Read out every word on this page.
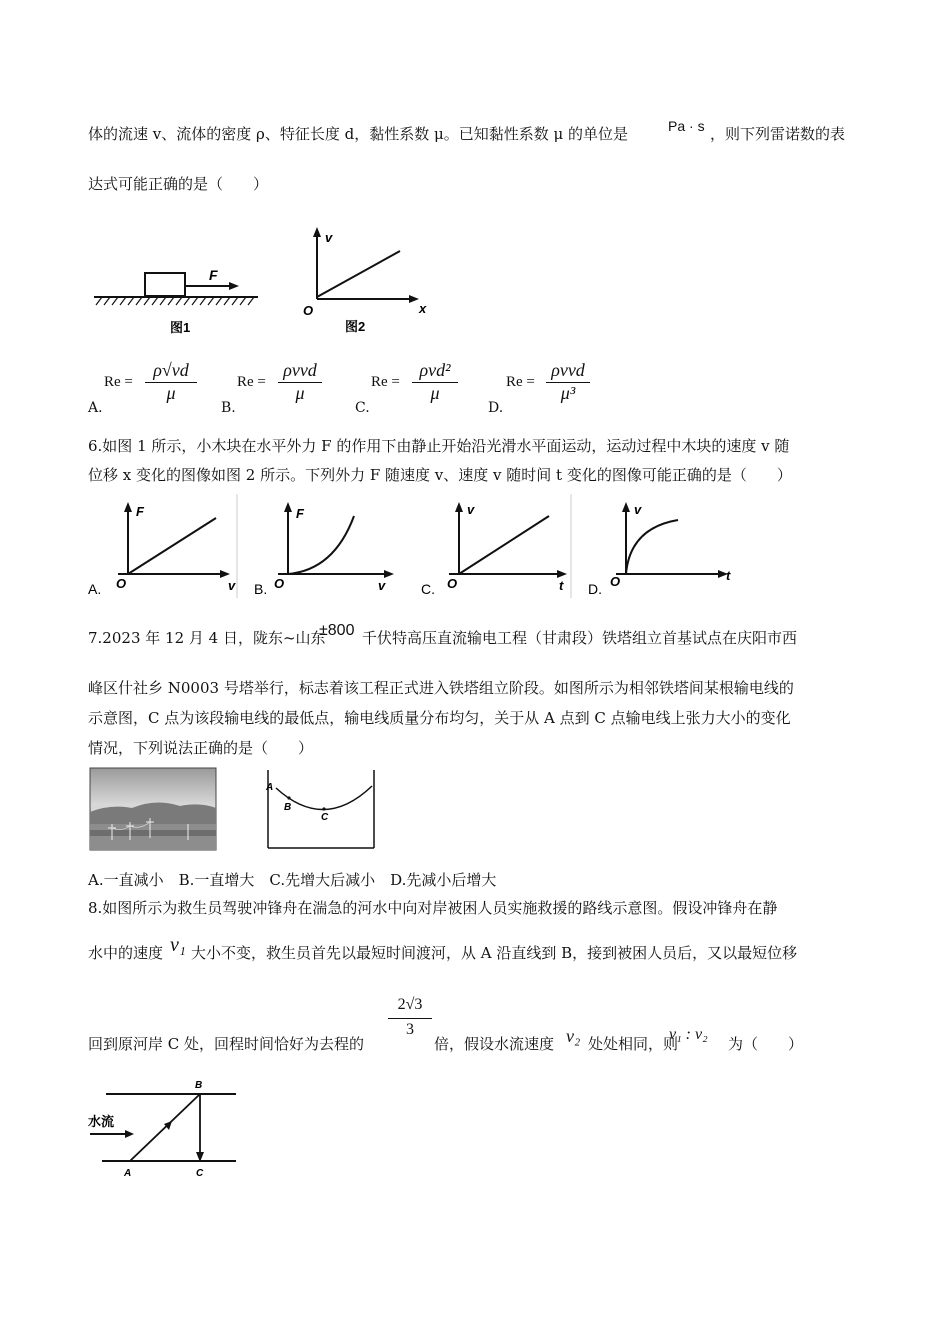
体的流速 v、流体的密度 ρ、特征长度 d，黏性系数 μ。已知黏性系数 μ 的单位是	Pa · s ，则下列雷诺数的表
达式可能正确的是（　　）
F
图1
v
x
O
图2
A.
$Re = \frac{\rho√vd}{\mu}$
B.
Re =
ρvvd
μ
C.
Re =
ρvd²
μ
D.
Re =
ρvvd
μ³
6.如图 1 所示，小木块在水平外力 F 的作用下由静止开始沿光滑水平面运动，运动过程中木块的速度 v 随
位移 x 变化的图像如图 2 所示。下列外力 F 随速度 v、速度 v 随时间 t 变化的图像可能正确的是（　　）
A.
F
v
O	B.
F
v
O	C.
v
t
O	D.
v
t
O
7.2023 年 12 月 4 日，陇东~山东
±800 千伏特高压直流输电工程（甘肃段）铁塔组立首基试点在庆阳市西
峰区什社乡 N0003 号塔举行，标志着该工程正式进入铁塔组立阶段。如图所示为相邻铁塔间某根输电线的
示意图，C 点为该段输电线的最低点，输电线质量分布均匀，关于从 A 点到 C 点输电线上张力大小的变化
情况，下列说法正确的是（　　）
A
B
C
A.一直减小　B.一直增大　C.先增大后减小　D.先减小后增大
8.如图所示为救生员驾驶冲锋舟在湍急的河水中向对岸被困人员实施救援的路线示意图。假设冲锋舟在静
水中的速度 v₁ 大小不变，救生员首先以最短时间渡河，从 A 沿直线到 B，接到被困人员后，又以最短位移
回到原河岸 C 处，回程时间恰好为去程的
$\frac{2√3}{3}$
倍，假设水流速度 v₂ 处处相同，则
v₁ : v₂
为（　　）
水流
B
A	C
